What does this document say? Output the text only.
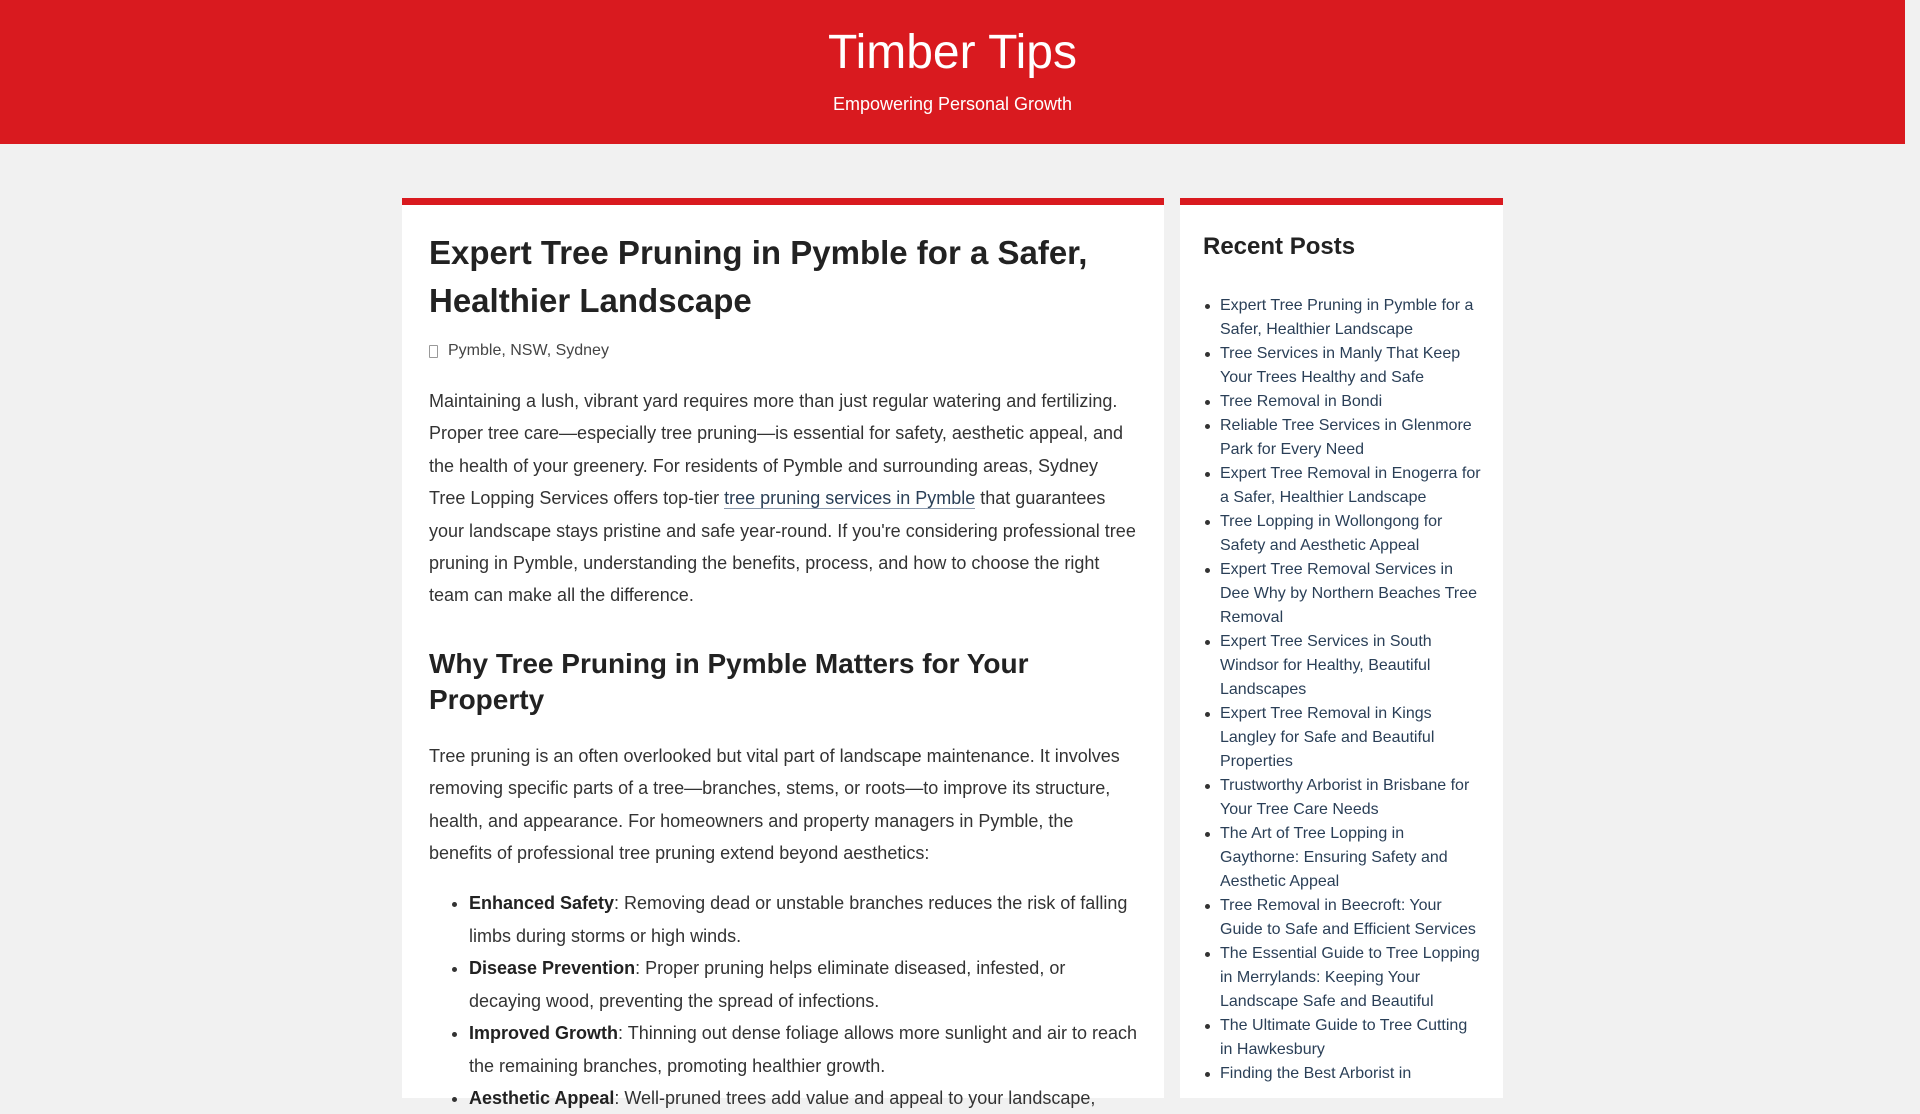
Timber Tips

Empowering Personal Growth

Expert Tree Pruning in Pymble for a Safer, Healthier Landscape
Pymble, NSW, Sydney

Maintaining a lush, vibrant yard requires more than just regular watering and fertilizing. Proper tree care—especially tree pruning—is essential for safety, aesthetic appeal, and the health of your greenery. For residents of Pymble and surrounding areas, Sydney Tree Lopping Services offers top-tier tree pruning services in Pymble that guarantees your landscape stays pristine and safe year-round. If you're considering professional tree pruning in Pymble, understanding the benefits, process, and how to choose the right team can make all the difference.

Why Tree Pruning in Pymble Matters for Your Property

Tree pruning is an often overlooked but vital part of landscape maintenance. It involves removing specific parts of a tree—branches, stems, or roots—to improve its structure, health, and appearance. For homeowners and property managers in Pymble, the benefits of professional tree pruning extend beyond aesthetics:

• Enhanced Safety: Removing dead or unstable branches reduces the risk of falling limbs during storms or high winds.
• Disease Prevention: Proper pruning helps eliminate diseased, infested, or decaying wood, preventing the spread of infections.
• Improved Growth: Thinning out dense foliage allows more sunlight and air to reach the remaining branches, promoting healthier growth.
• Aesthetic Appeal: Well-pruned trees add value and appeal to your landscape,
Recent Posts
Expert Tree Pruning in Pymble for a Safer, Healthier Landscape
Tree Services in Manly That Keep Your Trees Healthy and Safe
Tree Removal in Bondi
Reliable Tree Services in Glenmore Park for Every Need
Expert Tree Removal in Enogerra for a Safer, Healthier Landscape
Tree Lopping in Wollongong for Safety and Aesthetic Appeal
Expert Tree Removal Services in Dee Why by Northern Beaches Tree Removal
Expert Tree Services in South Windsor for Healthy, Beautiful Landscapes
Expert Tree Removal in Kings Langley for Safe and Beautiful Properties
Trustworthy Arborist in Brisbane for Your Tree Care Needs
The Art of Tree Lopping in Gaythorne: Ensuring Safety and Aesthetic Appeal
Tree Removal in Beecroft: Your Guide to Safe and Efficient Services
The Essential Guide to Tree Lopping in Merrylands: Keeping Your Landscape Safe and Beautiful
The Ultimate Guide to Tree Cutting in Hawkesbury
Finding the Best Arborist in
